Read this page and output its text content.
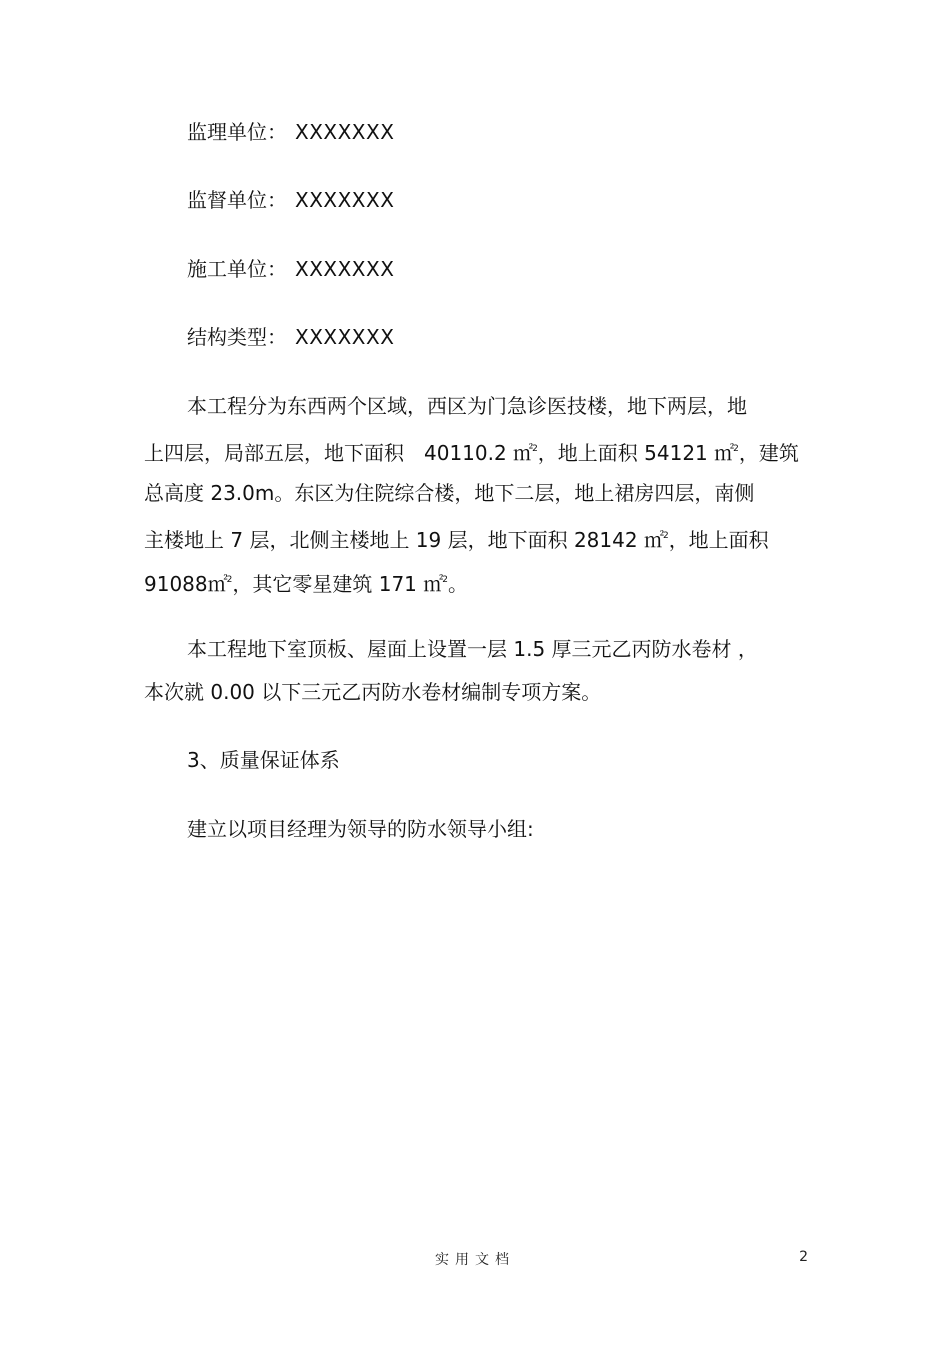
监理单位： XXXXXXX
监督单位： XXXXXXX
施工单位： XXXXXXX
结构类型： XXXXXXX
本工程分为东西两个区域，西区为门急诊医技楼，地下两层，地
上四层，局部五层，地下面积　40110.2 ㎡$^2$，地上面积 54121 ㎡$^2$，建筑
总高度 23.0m。东区为住院综合楼，地下二层，地上裙房四层，南侧
主楼地上 7 层，北侧主楼地上 19 层，地下面积 28142 ㎡$^2$，地上面积
91088㎡$^2$，其它零星建筑 171 ㎡$^2$。
本工程地下室顶板、屋面上设置一层 1.5 厚三元乙丙防水卷材 ，
本次就 0.00 以下三元乙丙防水卷材编制专项方案。
3、质量保证体系
建立以项目经理为领导的防水领导小组:
实用文档	2
